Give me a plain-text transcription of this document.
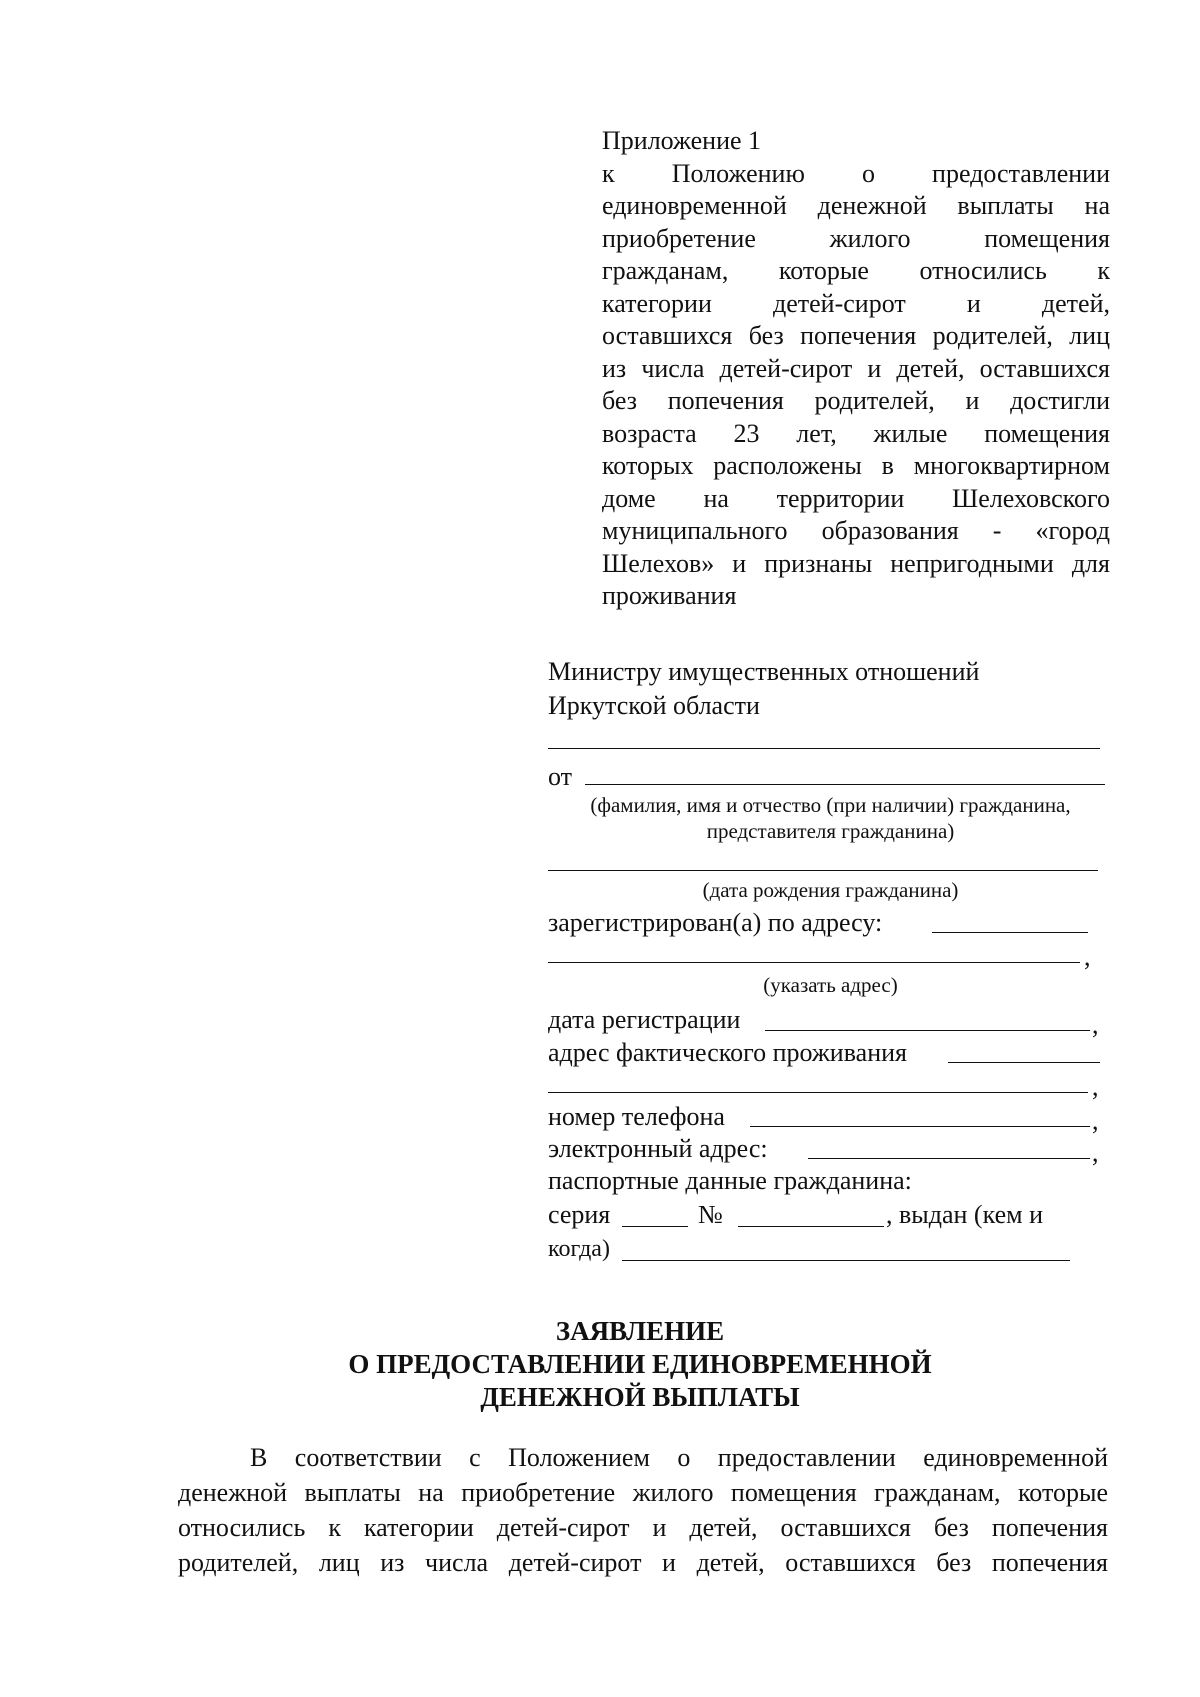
Приложение 1
к Положению о предоставлении
единовременной денежной выплаты на
приобретение жилого помещения
гражданам, которые относились к
категории детей-сирот и детей,
оставшихся без попечения родителей, лиц
из числа детей-сирот и детей, оставшихся
без попечения родителей, и достигли
возраста 23 лет, жилые помещения
которых расположены в многоквартирном
доме на территории Шелеховского
муниципального образования - «город
Шелехов» и признаны непригодными для
проживания
Министру имущественных отношений
Иркутской области
от
(фамилия, имя и отчество (при наличии) гражданина,
представителя гражданина)
(дата рождения гражданина)
зарегистрирован(а) по адресу:
,
(указать адрес)
дата регистрации	,
адрес фактического проживания
,
номер телефона	,
электронный адрес:	,
паспортные данные гражданина:
серия	№	, выдан (кем и
когда)
ЗАЯВЛЕНИЕ
О ПРЕДОСТАВЛЕНИИ ЕДИНОВРЕМЕННОЙ
ДЕНЕЖНОЙ ВЫПЛАТЫ
В соответствии с Положением о предоставлении единовременной
денежной выплаты на приобретение жилого помещения гражданам, которые
относились к категории детей-сирот и детей, оставшихся без попечения
родителей, лиц из числа детей-сирот и детей, оставшихся без попечения
